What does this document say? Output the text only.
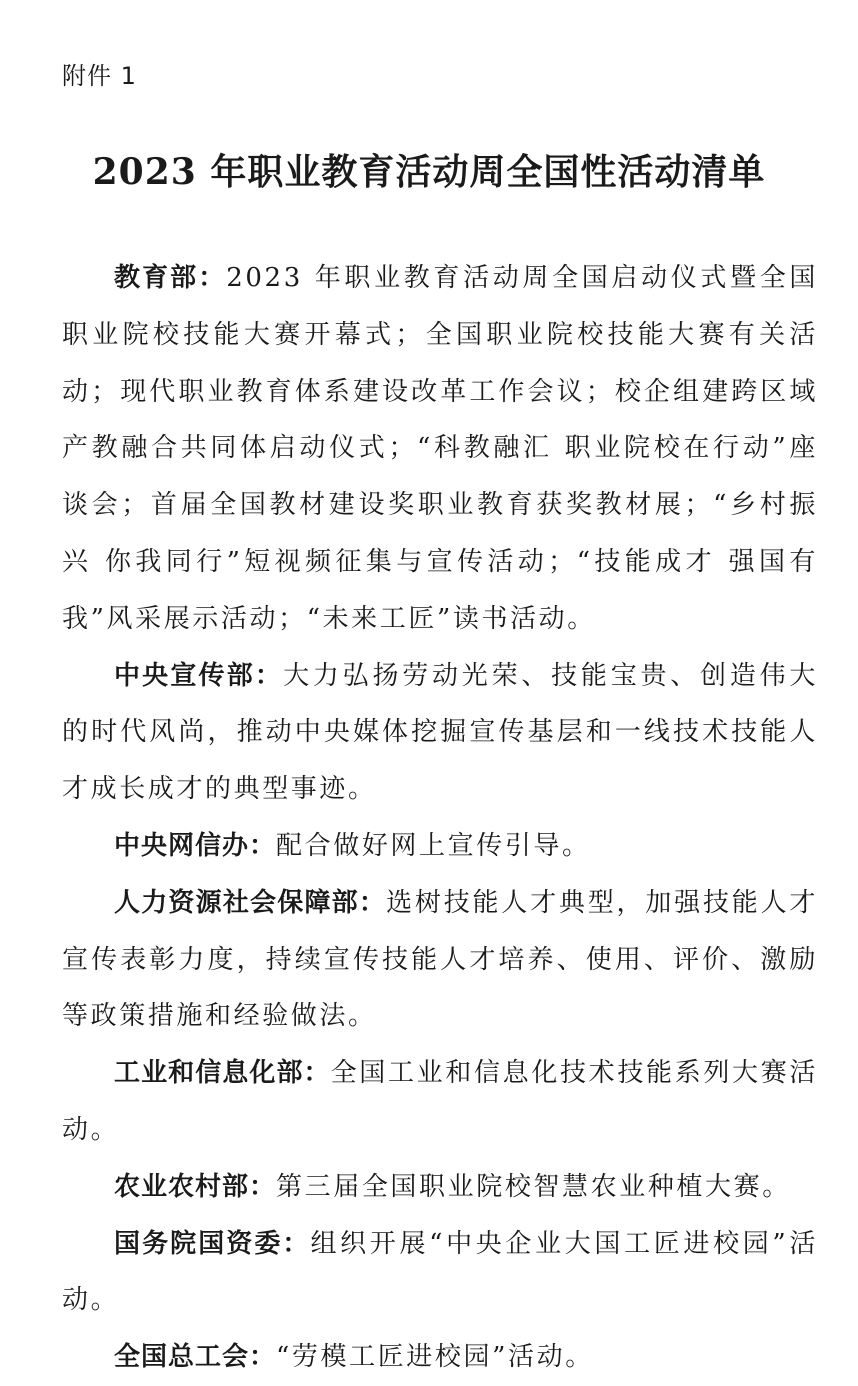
附件 1
2023 年职业教育活动周全国性活动清单

教育部：2023 年职业教育活动周全国启动仪式暨全国职业院校技能大赛开幕式；全国职业院校技能大赛有关活动；现代职业教育体系建设改革工作会议；校企组建跨区域产教融合共同体启动仪式；“科教融汇 职业院校在行动”座谈会；首届全国教材建设奖职业教育获奖教材展；“乡村振兴 你我同行”短视频征集与宣传活动；“技能成才 强国有我”风采展示活动；“未来工匠”读书活动。

中央宣传部：大力弘扬劳动光荣、技能宝贵、创造伟大的时代风尚，推动中央媒体挖掘宣传基层和一线技术技能人才成长成才的典型事迹。

中央网信办：配合做好网上宣传引导。

人力资源社会保障部：选树技能人才典型，加强技能人才宣传表彰力度，持续宣传技能人才培养、使用、评价、激励等政策措施和经验做法。

工业和信息化部：全国工业和信息化技术技能系列大赛活动。

农业农村部：第三届全国职业院校智慧农业种植大赛。

国务院国资委：组织开展“中央企业大国工匠进校园”活动。

全国总工会：“劳模工匠进校园”活动。
